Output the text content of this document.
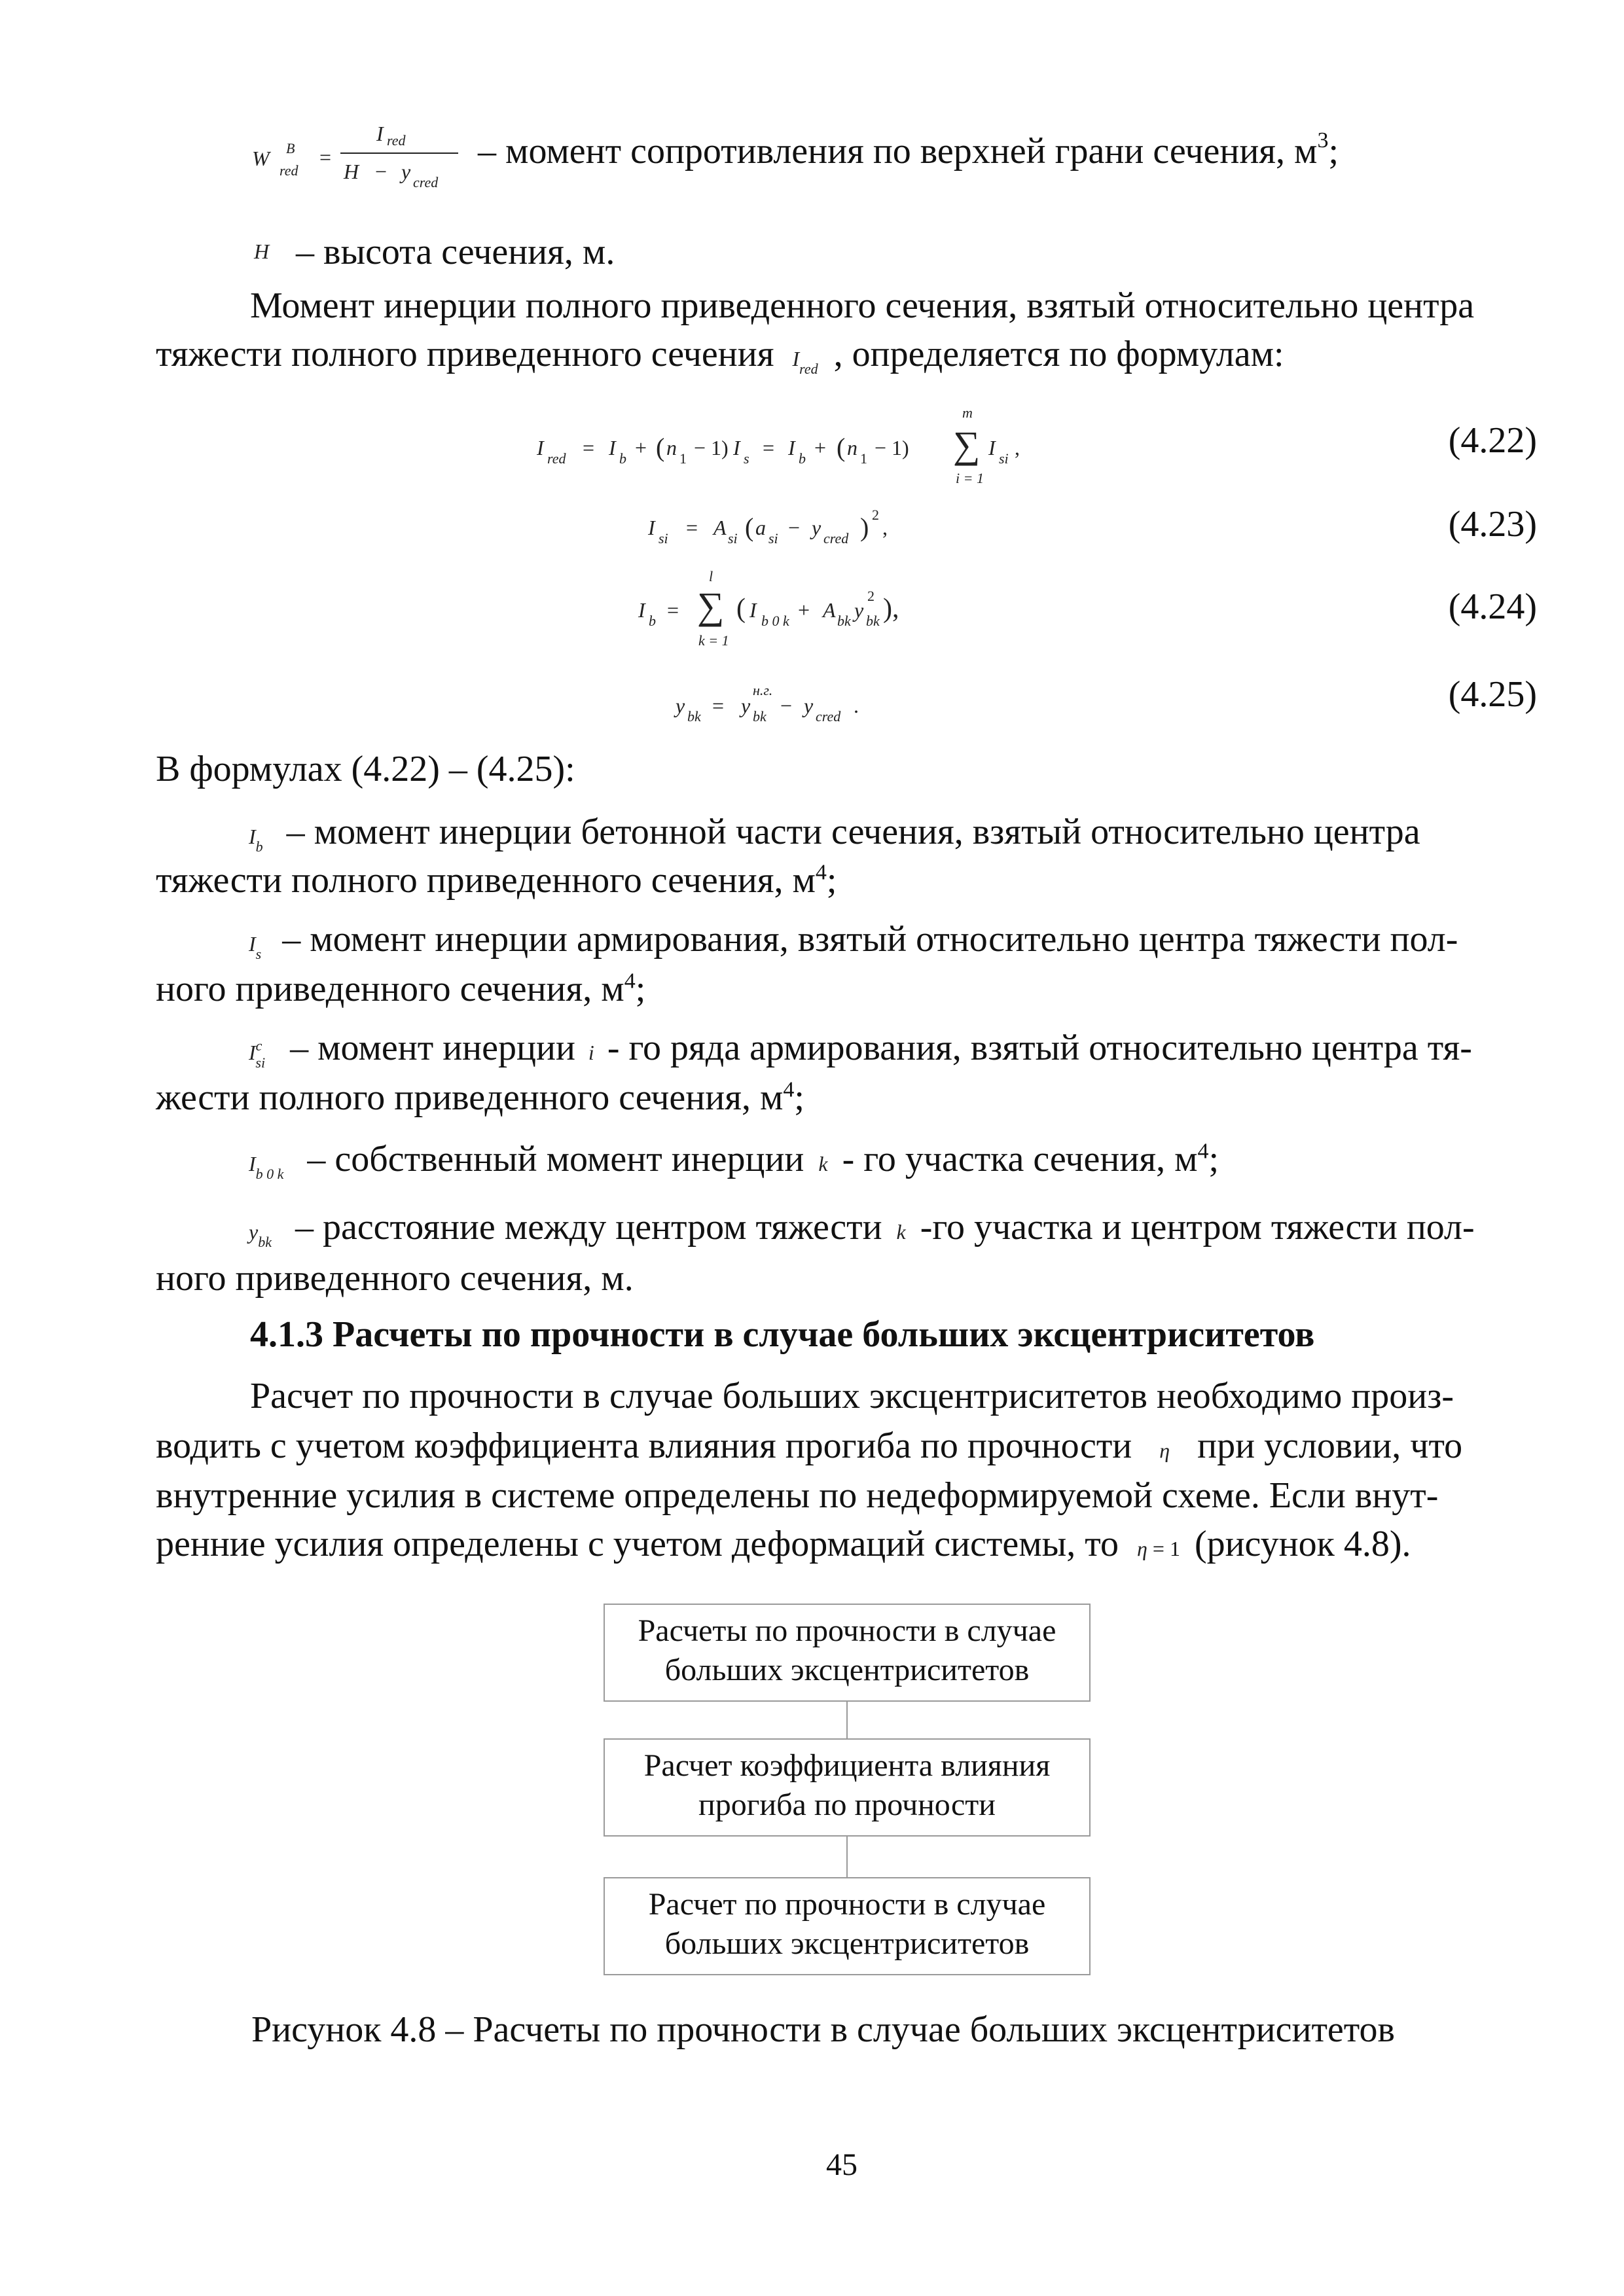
W B
red
=
I red
H − y cred
– момент сопротивления по верхней грани сечения, $м^3$;
H – высота сечения, м.
Момент инерции полного приведенного сечения, взятый относительно центра
тяжести полного приведенного сечения $I_{red}$ , определяется по формулам:
m
I red = I b + ( n 1 − 1) I s = I b + ( n 1 − 1) ∑ I si ,
i = 1
(4.22)
I si = A si ( a si − y cred ) 2
,	(4.23)
l
I b = ∑
k = 1
( I b 0 k + A bk y
2
bk ),	(4.24)
y bk = y
н.г.
bk − y cred .	(4.25)
В формулах (4.22) – (4.25):
$I_b$ – момент инерции бетонной части сечения, взятый относительно центра
тяжести полного приведенного сечения, $м^4$;
$I_s$ – момент инерции армирования, взятый относительно центра тяжести пол-
ного приведенного сечения, $м^4$;
$I^c_{si}$ – момент инерции i - го ряда армирования, взятый относительно центра тя-
жести полного приведенного сечения, $м^4$;
$I_{b 0 k}$ – собственный момент инерции k - го участка сечения, $м^4$;
$y_{bk}$ – расстояние между центром тяжести k -го участка и центром тяжести пол-
ного приведенного сечения, м.
4.1.3 Расчеты по прочности в случае больших эксцентриситетов
Расчет по прочности в случае больших эксцентриситетов необходимо произ-
водить с учетом коэффициента влияния прогиба по прочности η при условии, что
внутренние усилия в системе определены по недеформируемой схеме. Если внут-
ренние усилия определены с учетом деформаций системы, то η = 1 (рисунок 4.8).
Расчеты по прочности в случае
больших эксцентриситетов
Расчет коэффициента влияния
прогиба по прочности
Расчет по прочности в случае
больших эксцентриситетов
Рисунок 4.8 – Расчеты по прочности в случае больших эксцентриситетов
45
